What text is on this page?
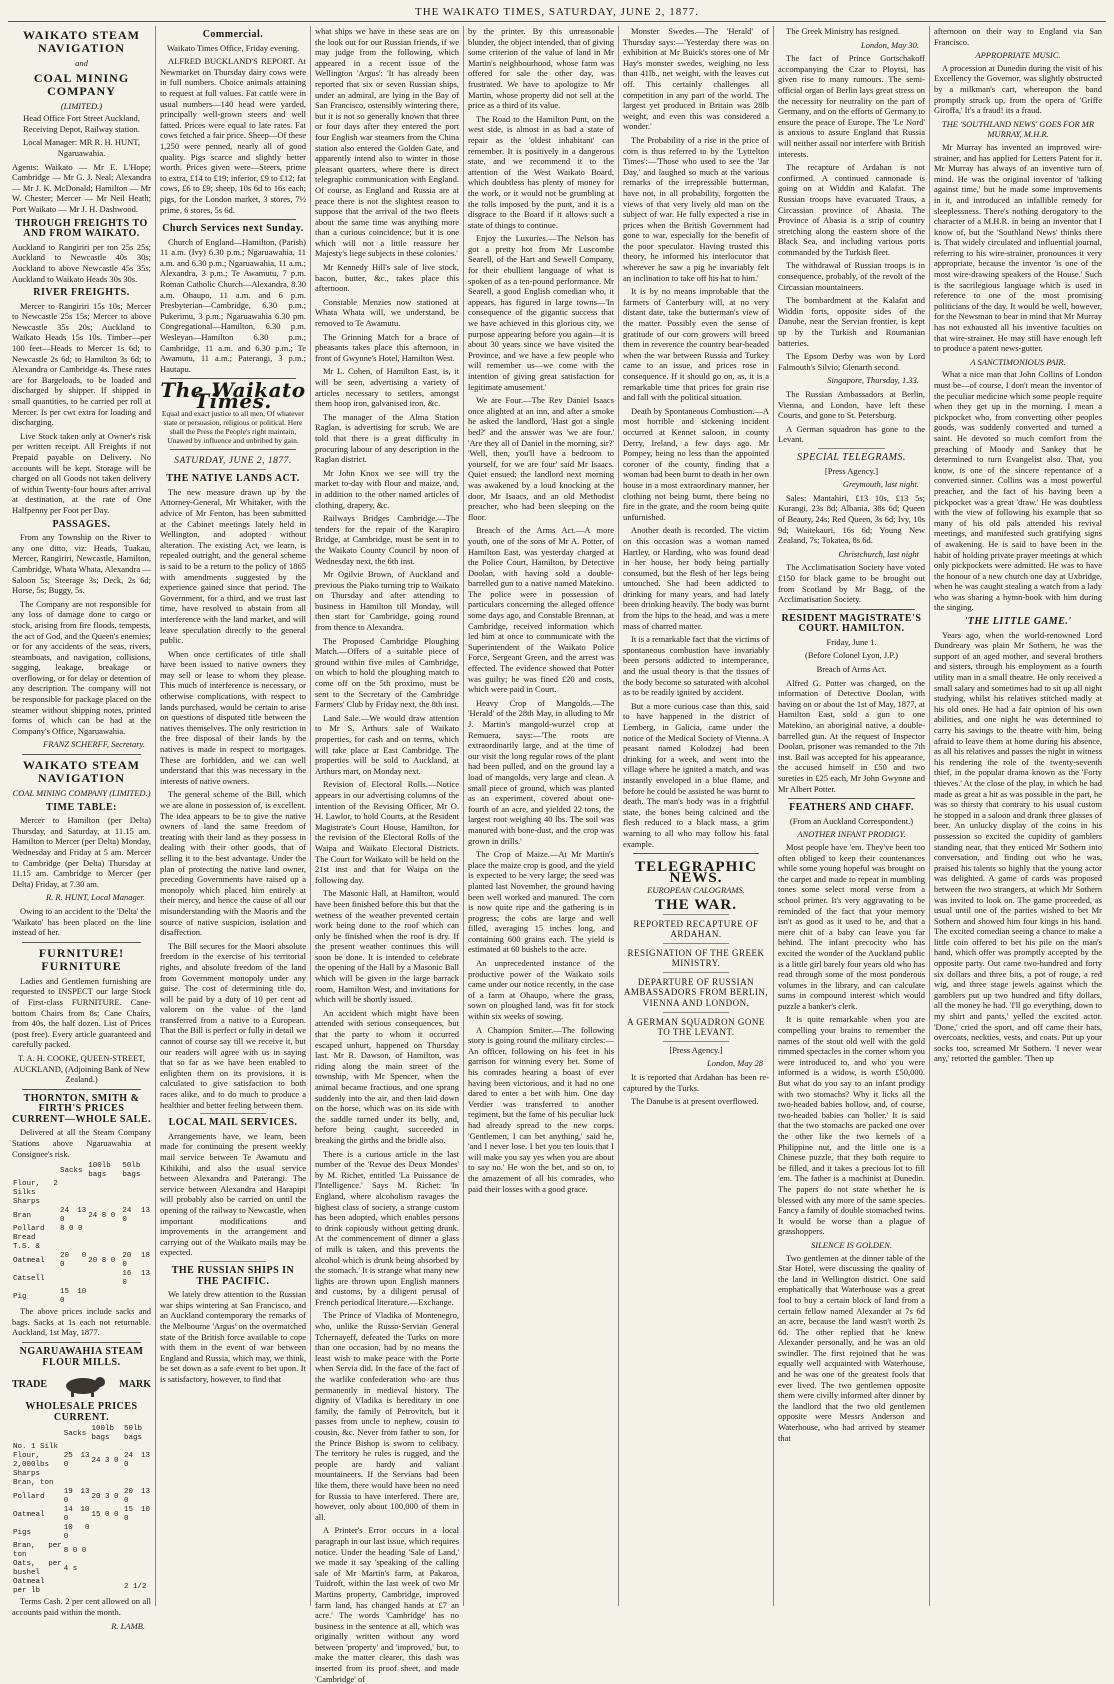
THE WAIKATO TIMES, SATURDAY, JUNE 2, 1877.
WAIKATO STEAM NAVIGATION
and
COAL MINING COMPANY
(LIMITED.)

Head Office Fort Street Auckland. Receiving Depot, Railway station.

Local Manager: MR R. H. HUNT, Ngaruawahia.

Agents: Waikato — Mr E. L'Hope; Cambridge — Mr G. J. Neal; Alexandra — Mr J. K. McDonald; Hamilton — Mr W. Chester; Mercer — Mr Neil Heath; Port Waikato — Mr J. H. Dashwood.

THROUGH FREIGHTS TO AND FROM WAIKATO.

Auckland to Rangiriri per ton 25s 25s; Auckland to Newcastle 40s 30s; Auckland to above Newcastle 45s 35s; Auckland to Waikato Heads 30s 30s.

RIVER FREIGHTS.

Mercer to Rangiriri 15s 10s; Mercer to Newcastle 25s 15s; Mercer to above Newcastle 35s 20s; Auckland to Waikato Heads 15s 10s. Timber—per 100 feet—Heads to Mercer 1s 6d; to Newcastle 2s 6d; to Hamilton 3s 6d; to Alexandra or Cambridge 4s. These rates are for Bargeloads, to be loaded and discharged by shipper. If shipped in small quantities, to be carried per roll at Mercer. Is per cwt extra for loading and discharging.

Live Stock taken only at Owner's risk per written receipt. All Freights if not Prepaid payable on Delivery. No accounts will be kept. Storage will be charged on all Goods not taken delivery of within Twenty-four hours after arrival at destination, at the rate of One Halfpenny per Foot per Day.

PASSAGES.

From any Township on the River to any one ditto, viz: Heads, Tuakau, Mercer, Rangiriri, Newcastle, Hamilton, Cambridge, Whata Whata, Alexandra — Saloon 5s; Steerage 3s; Deck, 2s 6d; Horse, 5s; Buggy, 5s.

The Company are not responsible for any loss of damage done to cargo or stock, arising from fire floods, tempests, the act of God, and the Queen's enemies; or for any accidents of the seas, rivers, steamboats, and navigation, collisions, sagging, leakage, breakage or overflowing, or for delay or detention of any description. The company will not be responsible for package placed on the steamer without shipping notes, printed forms of which can be had at the Company's Office, Ngaruawahia.

FRANZ SCHERFF, Secretary.

WAIKATO STEAM NAVIGATION
COAL MINING COMPANY (LIMITED.)
TIME TABLE:

Mercer to Hamilton (per Delta) Thursday, and Saturday, at 11.15 am. Hamilton to Mercer (per Delta) Monday, Wednesday and Friday at 5 am. Mercer to Cambridge (per Delta) Thursday at 11.15 am. Cambridge to Mercer (per Delta) Friday, at 7.30 am.

R. R. HUNT, Local Manager.

Owing to an accident to the 'Delta' the 'Waikato' has been placed on the line instead of her.

FURNITURE! FURNITURE

Ladies and Gentlemen furnishing are requested to INSPECT our large Stock of First-class FURNITURE. Cane-bottom Chairs from 8s; Cane Chairs, from 40s, the half dozen. List of Prices (post free). Every article guaranteed and carefully packed.

T. A. H. COOKE, QUEEN-STREET, AUCKLAND, (Adjoining Bank of New Zealand.)

THORNTON, SMITH & FIRTH'S PRICES CURRENT—WHOLE SALE.

Delivered at all the Steam Company Stations above Ngaruawahia at Consignee's risk.

	Sacks	100lb bags	50lb bags
Flour, 2 Silks			
Sharps			
Bran	24 13 0	24 8 0	24 13 0
Pollard	8 0 0		
Bread T.S. &			
Oatmeal	20 0 0	20 8 0	20 18 0
Catsell			16 13 0
Pig	15 10 0		

The above prices include sacks and bags. Sacks at 1s each not returnable. Auckland, 1st May, 1877.

NGARUAWAHIA STEAM FLOUR MILLS.
TRADE	MARK
WHOLESALE PRICES CURRENT.
	Sacks	100lb bags	50lb bags
No. 1 Silk			
Flour, 2,000lbs	25 13 0	24 3 0	24 13 0
Sharps			
Bran, ton			
Pollard	19 13 0	20 3 0	20 13 0
Oatmeal	14 10 0	15 0 0	15 10 0
Pigs	10 0 0		
Bran, per ton	8 0 0		
Oats, per bushel	4 s		
Oatmeal per lb			2 1/2

Terms Cash. 2 per cent allowed on all accounts paid within the month.

R. LAMB.

Commercial.

Waikato Times Office, Friday evening.

ALFRED BUCKLAND'S REPORT. At Newmarket on Thursday dairy cows were in full numbers. Choice animals attaining to request at full values. Fat cattle were in usual numbers—140 head were yarded, principally well-grown steers and well fatted. Prices were equal to late rates. Fat cows fetched a fair price. Sheep—Of these 1,250 were penned, nearly all of good quality. Pigs scarce and slightly better worth. Prices given were—Steers, prime to extra, £14 to £19; inferior, £9 to £12; fat cows, £6 to £9; sheep, 10s 6d to 16s each; pigs, for the London market, 3 stores, 7½ prime, 6 stores, 5s 6d.

Church Services next Sunday.

Church of England—Hamilton, (Parish) 11 a.m. (Ivy) 6.30 p.m.; Ngaruawahia, 11 a.m. and 6.30 p.m.; Ngaruawahia, 11 a.m.; Alexandra, 3 p.m.; Te Awamutu, 7 p.m. Roman Catholic Church—Alexandra, 8.30 a.m. Ohaupo, 11 a.m. and 6 p.m. Presbyterian—Cambridge, 6.30 p.m.; Pukerimu, 3 p.m.; Ngaruawahia 6.30 pm. Congregational—Hamilton, 6.30 p.m. Wesleyan—Hamilton 6.30 p.m.; Cambridge, 11 a.m. and 6.30 p.m.; Te Awamutu, 11 a.m.; Paterangi, 3 p.m.; Hautapu.

The Waikato Times.

Equal and exact justice to all men, Of whatever state or persuasion, religious or political. Here shall the Press the People's right maintain, Unawed by influence and unbribed by gain.

SATURDAY, JUNE 2, 1877.
THE NATIVE LANDS ACT.

The new measure drawn up by the Attorney-General, Mr Whitaker, with the advice of Mr Fenton, has been submitted at the Cabinet meetings lately held in Wellington, and adopted without alteration. The existing Act, we learn, is repealed outright, and the general scheme is said to be a return to the policy of 1865 with amendments suggested by the experience gained since that period. The Government, for a third, and we trust last time, have resolved to abstain from all interference with the land market, and will leave speculation directly to the general public.

When once certificates of title shall have been issued to native owners they may sell or lease to whom they please. This much of interference is necessary, or otherwise complications, with respect to lands purchased, would be certain to arise on questions of disputed title between the natives themselves. The only restriction in the free disposal of their lands by the natives is made in respect to mortgages. These are forbidden, and we can well understand that this was necessary in the interests of native owners.

The general scheme of the Bill, which we are alone in possession of, is excellent. The idea appears to be to give the native owners of land the same freedom of treating with their land as they possess in dealing with their other goods, that of selling it to the best advantage. Under the plan of protecting the native land owner, preceding Governments have raised up a monopoly which placed him entirely at their mercy, and hence the cause of all our misunderstanding with the Maoris and the source of native suspicion, isolation and disaffection.

The Bill secures for the Maori absolute freedom in the exercise of his territorial rights, and absolute freedom of the land from Government monopoly under any guise. The cost of determining title do, will be paid by a duty of 10 per cent ad valorem on the value of the land transferred from a native to a European. That the Bill is perfect or fully in detail we cannot of course say till we receive it, but our readers will agree with us in saying that so far as we have been enabled to enlighten them on its provisions, it is calculated to give satisfaction to both races alike, and to do much to produce a healthier and better feeling between them.

LOCAL MAIL SERVICES.

Arrangements have, we learn, been made for continuing the present weekly mail service between Te Awamutu and Kihikihi, and also the usual service between Alexandra and Paterangi. The service between Alexandra and Harapipi will probably also be carried on until the opening of the railway to Newcastle, when important modifications and improvements in the arrangement and carrying out of the Waikato mails may be expected.

THE RUSSIAN SHIPS IN THE PACIFIC.

We lately drew attention to the Russian war ships wintering at San Francisco, and an Auckland contemporary the remarks of the Melbourne 'Argus' on the overmatched state of the British force available to cope with them in the event of war between England and Russia, which may, we think, be set down as a safe event to bet upon. It is satisfactory, however, to find that

what ships we have in these seas are on the look out for our Russian friends, if we may judge from the following, which appeared in a recent issue of the Wellington 'Argus': 'It has already been reported that six or seven Russian ships, under an admiral, are lying in the Bay of San Francisco, ostensibly wintering there, but it is not so generally known that three or four days after they entered the port four English war steamers from the China station also entered the Golden Gate, and apparently intend also to winter in those pleasant quarters, where there is direct telegraphic communication with England. Of course, as England and Russia are at peace there is not the slightest reason to suppose that the arrival of the two fleets about the same time was anything more than a curious coincidence; but it is one which will not a little reassure her Majesty's liege subjects in these colonies.'

Mr Kennedy Hill's sale of live stock, bacon, butter, &c., takes place this afternoon.

Constable Menzies now stationed at Whata Whata will, we understand, be removed to Te Awamutu.

The Grinning Match for a brace of pheasants takes place this afternoon, in front of Gwynne's Hotel, Hamilton West.

Mr L. Cohen, of Hamilton East, is, it will be seen, advertising a variety of articles necessary to settlers, amongst them hoop iron, galvanised iron, &c.

The manager of the Alma Station Raglan, is advertising for scrub. We are told that there is a great difficulty in procuring labour of any description in the Raglan district.

Mr John Knox we see will try the market to-day with flour and maize, and, in addition to the other named articles of clothing, drapery, &c.

Railways Bridges Cambridge.—The tenders for the repair of the Karapiro Bridge, at Cambridge, must be sent in to the Waikato County Council by noon of Wednesday next, the 6th inst.

Mr Ogilvie Brown, of Auckland and previous the Piako turning trip to Waikato on Thursday and after attending to business in Hamilton till Monday, will then start for Cambridge, going round from thence to Alexandra.

The Proposed Cambridge Ploughing Match.—Offers of a suitable piece of ground within five miles of Cambridge, on which to hold the ploughing match to come off on the 5th proximo, must be sent to the Secretary of the Cambridge Farmers' Club by Friday next, the 8th inst.

Land Sale.—We would draw attention to Mr S. Arthurs sale of Waikato properties, for cash and on terms, which will take place at East Cambridge. The properties will be sold to Auckland, at Arthurs mart, on Monday next.

Revision of Electoral Rolls.—Notice appears in our advertising columns of the intention of the Revising Officer, Mr O. H. Lawlor, to hold Courts, at the Resident Magistrate's Court House, Hamilton, for the revision of the Electoral Rolls of the Waipa and Waikato Electoral Districts. The Court for Waikato will be held on the 21st inst and that for Waipa on the following day.

The Masonic Hall, at Hamilton, would have been finished before this but that the wetness of the weather prevented certain work being done to the roof which can only be finished when the roof is dry. If the present weather continues this will soon be done. It is intended to celebrate the opening of the Hall by a Masonic Ball which will be given in the large barrack room, Hamilton West, and invitations for which will be shortly issued.

An accident which might have been attended with serious consequences, but that the party to whom it occurred escaped unhurt, happened on Thursday last. Mr R. Dawson, of Hamilton, was riding along the main street of the township, with Mr Spencer, when the animal became fractious, and one sprang suddenly into the air, and then laid down on the horse, which was on its side with the saddle turned under its belly, and, before being caught, succeeded in breaking the girths and the bridle also.

There is a curious article in the last number of the 'Revue des Deux Mondes' by M. Richet, entitled 'La Puissance de l'Intelligence.' Says M. Richet: 'In England, where alcoholism ravages the highest class of society, a strange custom has been adopted, which enables persons to drink copiously without getting drunk. At the commencement of dinner a glass of milk is taken, and this prevents the alcohol which is drunk being absorbed by the stomach.' It is strange what many new lights are thrown upon English manners and customs, by a diligent perusal of French periodical literature.—Exchange.

The Prince of Vladika of Montenegro, who, unlike the Russo-Servian General Tchernayeff, defeated the Turks on more than one occasion, had by no means the least wish to make peace with the Porte when Servia did. In the face of the fact of the warlike confederation who are thus permanently in medieval history. The dignity of Vladika is hereditary in one family, the family of Petrovitch, but it passes from uncle to nephew, cousin to cousin, &c. Never from father to son, for the Prince Bishop is sworn to celibacy. The territory he rules is rugged, and the people are hardy and valiant mountaineers. If the Servians had been like them, there would have been no need for Russia to have interfered. There are, however, only about 100,000 of them in all.

A Printer's Error occurs in a local paragraph in our last issue, which requires notice. Under the heading 'Sale of Land,' we made it say 'speaking of the calling sale of Mr Martin's farm, at Pakaroa, Tuidroft, within the last week of two Mr Martins property, Cambridge, improved farm land, has changed hands at £7 an acre.' The words 'Cambridge' has no business in the sentence at all, which was originally written without any word between 'property' and 'improved,' but, to make the matter clearer, this dash was inserted from its proof sheet, and made 'Cambridge' of

by the printer. By this unreasonable blunder, the object intended, that of giving some criterion of the value of land in Mr Martin's neighbourhood, whose farm was offered for sale the other day, was frustrated. We have to apologize to Mr Martin, whose property did not sell at the price as a third of its value.

The Road to the Hamilton Punt, on the west side, is almost in as bad a state of repair as the 'oldest inhabitant' can remember. It is positively in a dangerous state, and we recommend it to the attention of the West Waikato Board, which doubtless has plenty of money for the work, or it would not be grumbling at the tolls imposed by the punt, and it is a disgrace to the Board if it allows such a state of things to continue.

Enjoy the Luxuries.—The Nelson has got a pretty hot from Mr Luscombe Searell, of the Hart and Sewell Company, for their ebullient language of what is spoken of as a ten-pound performance. Mr Searell, a good English comedian who, it appears, has figured in large towns—'In consequence of the gigantic success that we have achieved in this glorious city, we purpose appearing before you again—it is about 30 years since we have visited the Province, and we have a few people who will remember us—we come with the intention of giving great satisfaction for legitimate amusement.'

We are Four.—The Rev Daniel Isaacs once alighted at an inn, and after a smoke he asked the landlord, 'Hast got a single bed?' and the answer was 'we are four.' 'Are they all of Daniel in the morning, sir?' 'Well, then, you'll have a bedroom to yourself, for we are four' said Mr Isaacs. Quiet ensued; the landlord next morning was awakened by a loud knocking at the door, Mr Isaacs, and an old Methodist preacher, who had been sleeping on the floor.

Breach of the Arms Act.—A more youth, one of the sons of Mr A. Potter, of Hamilton East, was yesterday charged at the Police Court, Hamilton, by Detective Doolan, with having sold a double-barrelled gun to a native named Matekino. The police were in possession of particulars concerning the alleged offence some days ago, and Constable Brennan, at Cambridge, received information which led him at once to communicate with the Superintendent of the Waikato Police Force, Sergeant Green, and the arrest was effected. The evidence showed that Potter was guilty; he was fined £20 and costs, which were paid in Court.

Heavy Crop of Mangolds.—The 'Herald' of the 28th May, in alluding to Mr J. Martin's mangold-wurzel crop at Remuera, says:—'The roots are extraordinarily large, and at the time of our visit the long regular rows of the plant had been pulled, and on the ground lay a load of mangolds, very large and clean. A small piece of ground, which was planted as an experiment, covered about one-fourth of an acre, and yielded 22 tons, the largest root weighing 40 lbs. The soil was manured with bone-dust, and the crop was grown in drills.'

The Crop of Maize.—At Mr Martin's place the maize crop is good, and the yield is expected to be very large; the seed was planted last November, the ground having been well worked and manured. The corn is now quite ripe and the gathering is in progress; the cobs are large and well filled, averaging 15 inches long, and containing 600 grains each. The yield is estimated at 60 bushels to the acre.

An unprecedented instance of the productive power of the Waikato soils came under our notice recently, in the case of a farm at Ohaupo, where the grass, sown on ploughed land, was fit for stock within six weeks of sowing.

A Champion Smiter.—The following story is going round the military circles:—An officer, following on his feet in his garrison for winning every bet. Some of his comrades hearing a boast of ever having been victorious, and it had no one dared to enter a bet with him. One day Verdier was transferred to another regiment, but the fame of his peculiar luck had already spread to the new corps. 'Gentlemen, I can bet anything,' said he, 'and I never lose. I bet you ten louis that I will make you say yes when you are about to say no.' He won the bet, and so on, to the amazement of all his comrades, who paid their losses with a good grace.

Monster Swedes.—The 'Herald' of Thursday says:—'Yesterday there was on exhibition at Mr Buick's stores one of Mr Hay's monster swedes, weighing no less than 41lb., net weight, with the leaves cut off. This certainly challenges all competition in any part of the world. The largest yet produced in Britain was 28lb weight, and even this was considered a wonder.'

The Probability of a rise in the price of corn is thus referred to by the 'Lyttelton Times':—'Those who used to see the 'Jar Day,' and laughed so much at the various remarks of the irrepressible butterman, have not, in all probability, forgotten the views of that very lively old man on the subject of war. He fully expected a rise in prices when the British Government had gone to war, especially for the benefit of the poor speculator. Having trusted this theory, he informed his interlocutor that wherever he saw a pig he invariably felt an inclination to take off his hat to him.'

It is by no means improbable that the farmers of Canterbury will, at no very distant date, take the butterman's view of the matter. Possibly even the sense of gratitude of our corn growers will breed them in reverence the country bear-headed when the war between Russia and Turkey came to an issue, and prices rose in consequence. If it should go on, as, it is a remarkable time that prices for grain rise and fall with the political situation.

Death by Spontaneous Combustion.—A most horrible and sickening incident occurred at Kennet saloon, in county Derry, Ireland, a few days ago. Mr Pompey, being no less than the appointed coroner of the county, finding that a woman had been burnt to death in her own house in a most extraordinary manner, her clothing not being burnt, there being no fire in the grate, and the room being quite unfurnished.

Another death is recorded. The victim on this occasion was a woman named Hartley, or Harding, who was found dead in her house, her body being partially consumed, but the flesh of her legs being untouched. She had been addicted to drinking for many years, and had lately been drinking heavily. The body was burnt from the hips to the head, and was a mere mass of charred matter.

It is a remarkable fact that the victims of spontaneous combustion have invariably been persons addicted to intemperance, and the usual theory is that the tissues of the body become so saturated with alcohol as to be readily ignited by accident.

But a more curious case than this, said to have happened in the district of Lemberg, in Galicia, came under the notice of the Medical Society of Vienna. A peasant named Kolodzej had been drinking for a week, and went into the village where he ignited a match, and was instantly enveloped in a blue flame, and before he could be assisted he was burnt to death. The man's body was in a frightful state, the bones being calcined and the flesh reduced to a black mass, a grim warning to all who may follow his fatal example.

TELEGRAPHIC NEWS.
EUROPEAN CALOGRAMS.
THE WAR.
REPORTED RECAPTURE OF ARDAHAN.
RESIGNATION OF THE GREEK MINISTRY.
DEPARTURE OF RUSSIAN AMBASSADORS FROM BERLIN, VIENNA AND LONDON.
A GERMAN SQUADRON GONE TO THE LEVANT.

[Press Agency.]

London, May 28

It is reported that Ardahan has been re-captured by the Turks.

The Danube is at present overflowed.

The Greek Ministry has resigned.

London, May 30.

The fact of Prince Gortschakoff accompanying the Czar to Ploytsi, has given rise to many rumours. The semi-official organ of Berlin lays great stress on the necessity for neutrality on the part of Germany, and on the efforts of Germany to ensure the peace of Europe. The 'Le Nord' is anxious to assure England that Russia will neither assail nor interfere with British interests.

The recapture of Ardahan is not confirmed. A continued cannonade is going on at Widdin and Kalafat. The Russian troops have evacuated Traus, a Circassian province of Abasia. The Province of Abasia is a strip of country stretching along the eastern shore of the Black Sea, and including various ports commanded by the Turkish fleet.

The withdrawal of Russian troops is in consequence, probably, of the revolt of the Circassian mountaineers.

The bombardment at the Kalafat and Widdin forts, opposite sides of the Danube, near the Servian frontier, is kept up by the Turkish and Roumanian batteries.

The Epsom Derby was won by Lord Falmouth's Silvio; Glenarth second.

Singapore, Thursday, 1.33.

The Russian Ambassadors at Berlin, Vienna, and London, have left these Courts, and gone to St. Petersburg.

A German squadron has gone to the Levant.

SPECIAL TELEGRAMS.

[Press Agency.]

Greymouth, last night.

Sales: Mantahiri, £13 10s, £13 5s; Kurangi, 23s 8d; Albania, 38s 6d; Queen of Beauty, 24s; Red Queen, 3s 6d; Ivy, 10s 9d; Waitekauri, 16s 6d; Young New Zealand, 7s; Tokatea, 8s 6d.

Christchurch, last night

The Acclimatisation Society have voted £150 for black game to be brought out from Scotland by Mr Bagg, of the Acclimatisation Society.

RESIDENT MAGISTRATE'S COURT. HAMILTON.

Friday, June 1.

(Before Colonel Lyon, J.P.)

Breach of Arms Act.

Alfred G. Potter was charged, on the information of Detective Doolan, with having on or about the 1st of May, 1877, at Hamilton East, sold a gun to one Matekino, an aboriginal native, a double-barrelled gun. At the request of Inspector Doolan, prisoner was remanded to the 7th inst. Bail was accepted for his appearance, the accused himself in £50 and two sureties in £25 each, Mr John Gwynne and Mr Albert Potter.

FEATHERS AND CHAFF.

(From an Auckland Correspondent.)

ANOTHER INFANT PRODIGY.

Most people have 'em. They've been too often obliged to keep their countenances while some young hopeful was brought on the carpet and made to repeat in mumbling tones some select moral verse from a school primer. It's very aggravating to be reminded of the fact that your memory isn't as good as it used to be, and that a mere chit of a baby can leave you far behind. The infant precocity who has excited the wonder of the Auckland public is a little girl barely four years old who has read through some of the most ponderous volumes in the library, and can calculate sums in compound interest which would puzzle a banker's clerk.

It is quite remarkable when you are compelling your brains to remember the names of the stout old well with the gold rimmed spectacles in the corner whom you were introduced to, and who you were informed is a widow, is worth £50,000. But what do you say to an infant prodigy with two stomachs? Why it licks all the two-headed babies hollow, and, of course, two-headed babies can 'holler.' It is said that the two stomachs are packed one over the other like the two kernels of a Philippine nut, and the little one is a Chinese puzzle, that they both require to be filled, and it takes a precious lot to fill 'em. The father is a machinist at Dunedin. The papers do not state whether he is blessed with any more of the same species. Fancy a family of double stomached twins. It would be worse than a plague of grasshoppers.

SILENCE IS GOLDEN.

Two gentlemen at the dinner table of the Star Hotel, were discussing the quality of the land in Wellington district. One said emphatically that Waterhouse was a great fool to buy a certain block of land from a certain fellow named Alexander at 7s 6d an acre, because the land wasn't worth 2s 6d. The other replied that he knew Alexander personally, and he was an old swindler. The first rejoined that he was equally well acquainted with Waterhouse, and he was one of the greatest fools that ever lived. The two gentlemen opposite them were civilly informed after dinner by the landlord that the two old gentlemen opposite were Messrs Anderson and Waterhouse, who had arrived by steamer that

afternoon on their way to England via San Francisco.

APPROPRIATE MUSIC.

A procession at Dunedin during the visit of his Excellency the Governor, was slightly obstructed by a milkman's cart, whereupon the band promptly struck up, from the opera of 'Griffe Giroffa,' It's a fraud! its a fraud.

THE 'SOUTHLAND NEWS' GOES FOR MR MURRAY, M.H.R.

Mr Murray has invented an improved wire-strainer, and has applied for Letters Patent for it. Mr Murray has always of an inventive turn of mind. He was the original inventor of 'talking against time,' but he made some improvements in it, and introduced an infallible remedy for sleeplessness. There's nothing derogatory to the character of a M.H.R. in being an inventor that I know of, but the 'Southland News' thinks there is. That widely circulated and influential journal, referring to his wire-strainer, pronounces it very appropriate, because the inventor 'is one of the most wire-drawing speakers of the House.' Such is the sacrilegious language which is used in reference to one of the most promising politicians of the day. It would be well, however, for the Newsman to bear in mind that Mr Murray has not exhausted all his inventive faculties on that wire-strainer. He may still have enough left to produce a patent news-gutter.

A SANCTIMONIOUS PAIR.

What a nice man that John Collins of London must be—of course, I don't mean the inventor of the peculiar medicine which some people require when they get up in the morning. I mean a pickpocket who, from converting other peoples goods, was suddenly converted and turned a saint. He devoted so much comfort from the preaching of Moody and Sankey that he determined to turn Evangelist also. That, you know, is one of the sincere repentance of a converted sinner. Collins was a most powerful preacher, and the fact of his having been a pickpocket was a great 'draw.' He was doubtless with the view of following his example that so many of his old pals attended his revival meetings, and manifested such gratifying signs of awakening. He is said to have been in the habit of holding private prayer meetings at which only pickpockets were admitted. He was to have the honour of a new church one day at Uxbridge, when he was caught stealing a watch from a lady who was sharing a hymn-book with him during the singing.

'THE LITTLE GAME.'

Years ago, when the world-renowned Lord Dundreary was plain Mr Sothern, he was the support of an aged mother, and several brothers and sisters, through his employment as a fourth utility man in a small theatre. He only received a small salary and sometimes had to sit up all night studying, whilst his relatives stitched madly at his old ones. He had a fair opinion of his own abilities, and one night he was determined to carry his savings to the theatre with him, being afraid to leave them at home during his absence, as all his relatives and passes the night in witness his rendering the role of the twenty-seventh thief, in the popular drama known as the 'Forty thieves.' At the close of the play, in which he had made as great a hit as was possible in the part, he was so thirsty that contrary to his usual custom he stopped in a saloon and drank three glasses of beer. An unlucky display of the coins in his possession so excited the cupidity of gamblers standing near, that they enticed Mr Sothern into conversation, and finding out who he was, praised his talents so highly that the young actor was delighted. A game of cards was proposed between the two strangers, at which Mr Sothern was invited to look on. The game proceeded, as usual until one of the parties wished to bet Mr Sothern and showed him four kings in his hand. The excited comedian seeing a chance to make a little coin offered to bet his pile on the man's hand, which offer was promptly accepted by the opposite party. Out came two-hundred and forty six dollars and three bits, a pot of rouge, a red wig, and three stage jewels against which the gamblers put up two hundred and fifty dollars, all the money he had. 'I'll go everything, down to my shirt and pants,' yelled the excited actor. 'Done,' cried the sport, and off came their hats, overcoats, neckties, vests, and coats. Put up your socks too, screamed Mr Sothern. 'I never wear any,' retorted the gambler. 'Then up
